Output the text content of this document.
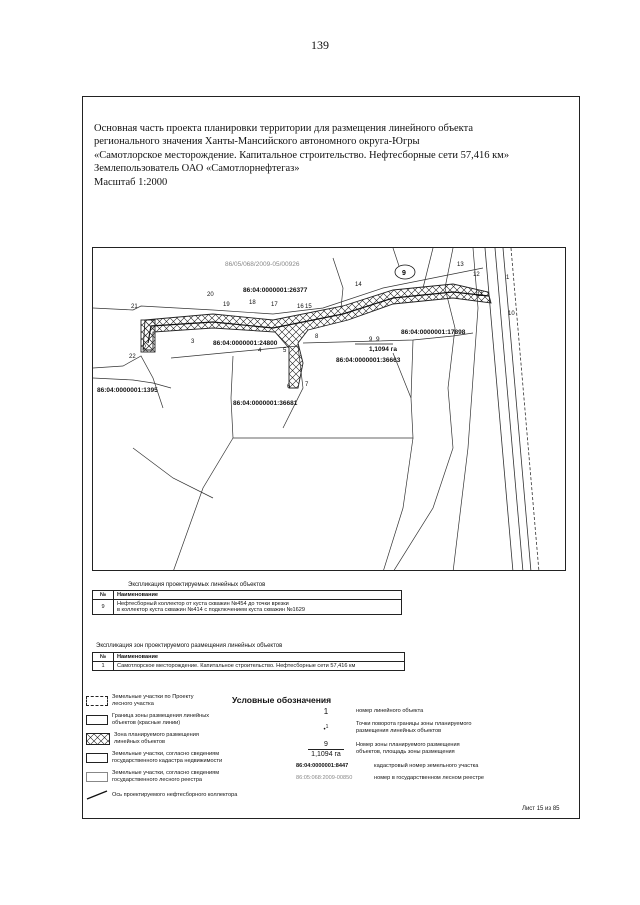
139
Основная часть проекта планировки территории для размещения линейного объекта
регионального значения Ханты-Мансийского автономного округа-Югры
«Самотлорское месторождение. Капитальное строительство. Нефтесборные сети 57,416 км»
Землепользователь ОАО «Самотлорнефтегаз»
Масштаб 1:2000
86:04:0000001:26377
86:04:0000001:17898
86:04:0000001:24800
86:04:0000001:36663
86:04:0000001:1395
86:04:0000001:36681
1,1094 га
86/05/068/2009-05/00926
9
9
1
2
3
4	5
6 7
8	9
10
11
12
13
14
15
16
17
18
19
20
21
22
Экспликация проектируемых линейных объектов
№	Наименование
9	Нефтесборный коллектор от куста скважин №454 до точки врезки
в коллектор куста скважин №414 с подключением куста скважин №1629
Экспликация зон проектируемого размещения линейных объектов
№	Наименование
1	Самотлорское месторождение. Капитальное строительство. Нефтесборные сети 57,416 км
Условные обозначения
Земельные участки по Проекту
лесного участка
Граница зоны размещения линейных
объектов (красные линии)
Зона планируемого размещения
линейных объектов
Земельные участки, согласно сведениям
государственного кадастра недвижимости
Земельные участки, согласно сведениям
государственного лесного реестра
Ось проектируемого нефтесборного коллектора
1	номер линейного объекта
•$^1$	Точки поворота границы зоны планируемого
размещения линейных объектов
9
1,1094 га
Номер зоны планируемого размещения
объектов, площадь зоны размещения
86:04:0000001:8447	кадастровый номер земельного участка
86:05:068:2009-00850	номер в государственном лесном реестре
Лист 15 из 85
